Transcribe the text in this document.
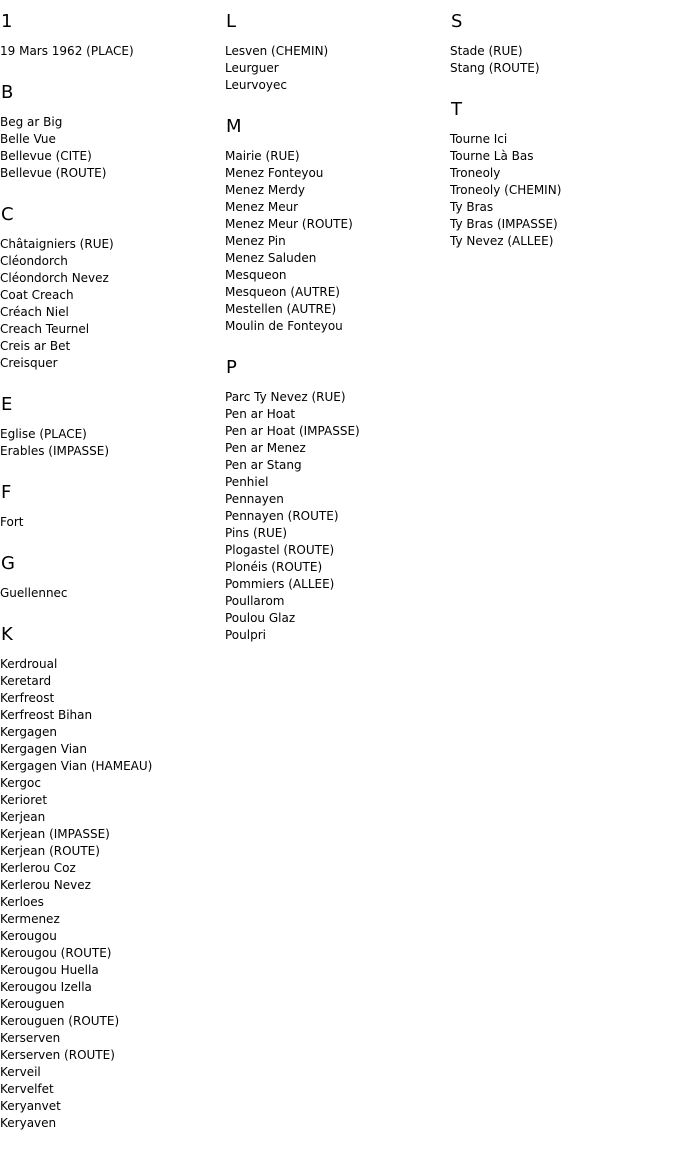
1
19 Mars 1962 (PLACE)
B
Beg ar Big
Belle Vue
Bellevue (CITE)
Bellevue (ROUTE)
C
Châtaigniers (RUE)
Cléondorch
Cléondorch Nevez
Coat Creach
Créach Niel
Creach Teurnel
Creis ar Bet
Creisquer
E
Eglise (PLACE)
Erables (IMPASSE)
F
Fort
G
Guellennec
K
Kerdroual
Keretard
Kerfreost
Kerfreost Bihan
Kergagen
Kergagen Vian
Kergagen Vian (HAMEAU)
Kergoc
Kerioret
Kerjean
Kerjean (IMPASSE)
Kerjean (ROUTE)
Kerlerou Coz
Kerlerou Nevez
Kerloes
Kermenez
Kerougou
Kerougou (ROUTE)
Kerougou Huella
Kerougou Izella
Kerouguen
Kerouguen (ROUTE)
Kerserven
Kerserven (ROUTE)
Kerveil
Kervelfet
Keryanvet
Keryaven
L
Lesven (CHEMIN)
Leurguer
Leurvoyec
M
Mairie (RUE)
Menez Fonteyou
Menez Merdy
Menez Meur
Menez Meur (ROUTE)
Menez Pin
Menez Saluden
Mesqueon
Mesqueon (AUTRE)
Mestellen (AUTRE)
Moulin de Fonteyou
P
Parc Ty Nevez (RUE)
Pen ar Hoat
Pen ar Hoat (IMPASSE)
Pen ar Menez
Pen ar Stang
Penhiel
Pennayen
Pennayen (ROUTE)
Pins (RUE)
Plogastel (ROUTE)
Plonéis (ROUTE)
Pommiers (ALLEE)
Poullarom
Poulou Glaz
Poulpri
S
Stade (RUE)
Stang (ROUTE)
T
Tourne Ici
Tourne Là Bas
Troneoly
Troneoly (CHEMIN)
Ty Bras
Ty Bras (IMPASSE)
Ty Nevez (ALLEE)
